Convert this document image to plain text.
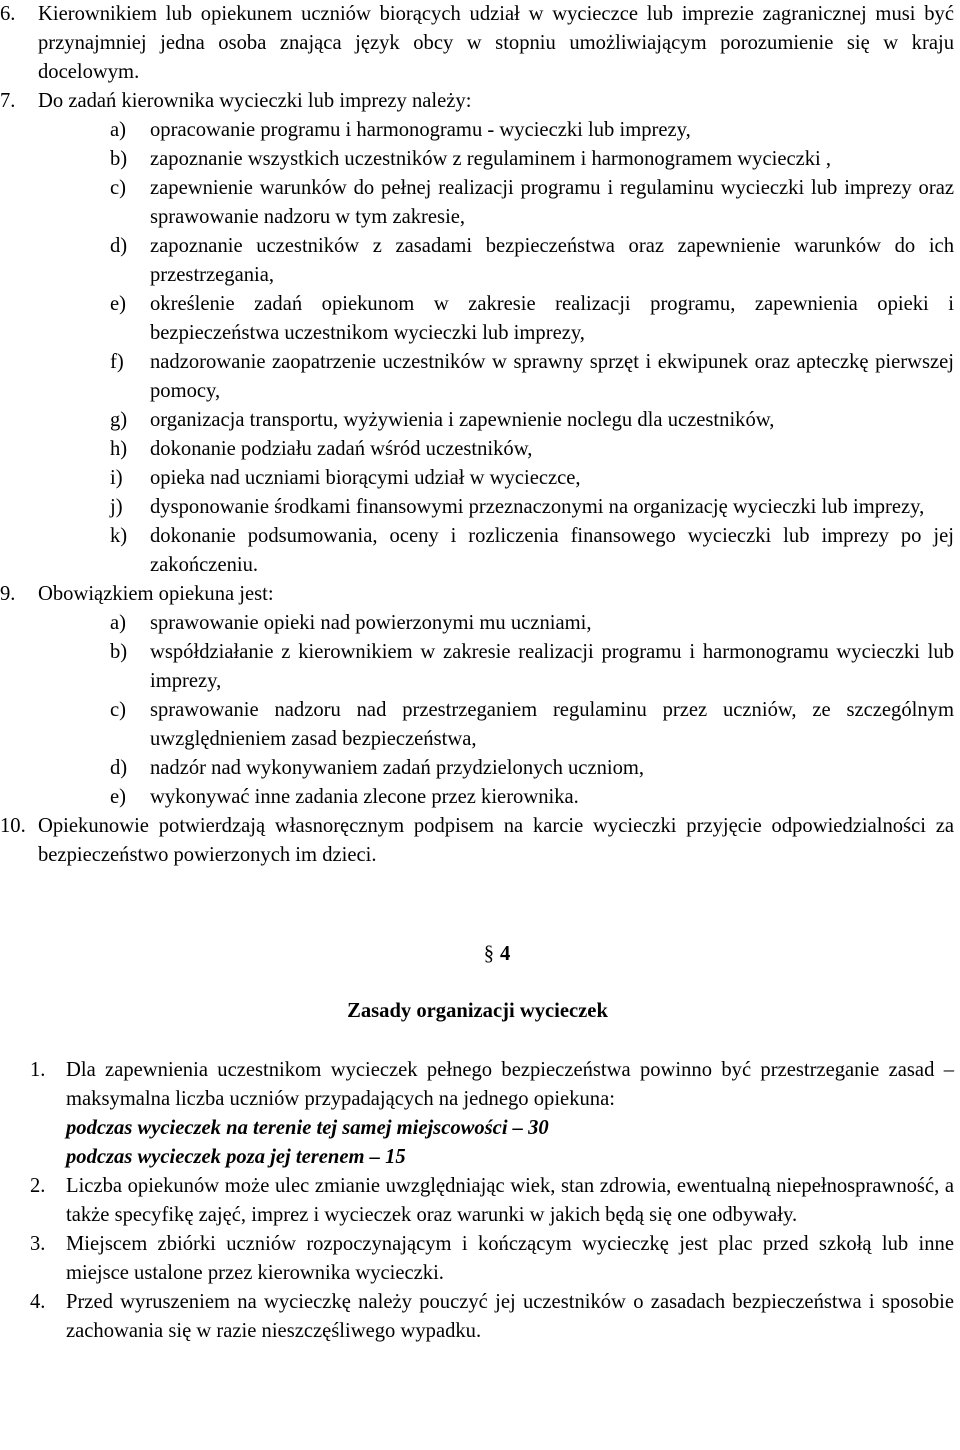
6. Kierownikiem lub opiekunem uczniów biorących udział w wycieczce lub imprezie zagranicznej musi być przynajmniej jedna osoba znająca język obcy w stopniu umożliwiającym porozumienie się w kraju docelowym.
7. Do zadań kierownika wycieczki lub imprezy należy:
a) opracowanie programu i harmonogramu - wycieczki lub imprezy,
b) zapoznanie wszystkich uczestników z regulaminem i harmonogramem wycieczki ,
c) zapewnienie warunków do pełnej realizacji programu i regulaminu wycieczki lub imprezy oraz sprawowanie nadzoru w tym zakresie,
d) zapoznanie uczestników z zasadami bezpieczeństwa oraz zapewnienie warunków do ich przestrzegania,
e) określenie zadań opiekunom w zakresie realizacji programu, zapewnienia opieki i bezpieczeństwa uczestnikom wycieczki lub imprezy,
f) nadzorowanie zaopatrzenie uczestników w sprawny sprzęt i ekwipunek oraz apteczkę pierwszej pomocy,
g) organizacja transportu, wyżywienia i zapewnienie noclegu dla uczestników,
h) dokonanie podziału zadań wśród uczestników,
i) opieka nad uczniami biorącymi udział w wycieczce,
j) dysponowanie środkami finansowymi przeznaczonymi na organizację wycieczki lub imprezy,
k) dokonanie podsumowania, oceny i rozliczenia finansowego wycieczki lub imprezy po jej zakończeniu.
9. Obowiązkiem opiekuna jest:
a) sprawowanie opieki nad powierzonymi mu uczniami,
b) współdziałanie z kierownikiem w zakresie realizacji programu i harmonogramu wycieczki lub imprezy,
c) sprawowanie nadzoru nad przestrzeganiem regulaminu przez uczniów, ze szczególnym uwzględnieniem zasad bezpieczeństwa,
d) nadzór nad wykonywaniem zadań przydzielonych uczniom,
e) wykonywać inne zadania zlecone przez kierownika.
10. Opiekunowie potwierdzają własnoręcznym podpisem na karcie wycieczki przyjęcie odpowiedzialności za bezpieczeństwo powierzonych im dzieci.
§ 4
Zasady organizacji wycieczek
1. Dla zapewnienia uczestnikom wycieczek pełnego bezpieczeństwa powinno być przestrzeganie zasad – maksymalna liczba uczniów przypadających na jednego opiekuna:
podczas wycieczek na terenie tej samej miejscowości – 30
podczas wycieczek poza jej terenem – 15
2. Liczba opiekunów może ulec zmianie uwzględniając wiek, stan zdrowia, ewentualną niepełnosprawność, a także specyfikę zajęć, imprez i wycieczek oraz warunki w jakich będą się one odbywały.
3. Miejscem zbiórki uczniów rozpoczynającym i kończącym wycieczkę jest plac przed szkołą lub inne miejsce ustalone przez kierownika wycieczki.
4. Przed wyruszeniem na wycieczkę należy pouczyć jej uczestników o zasadach bezpieczeństwa i sposobie zachowania się w razie nieszczęśliwego wypadku.
